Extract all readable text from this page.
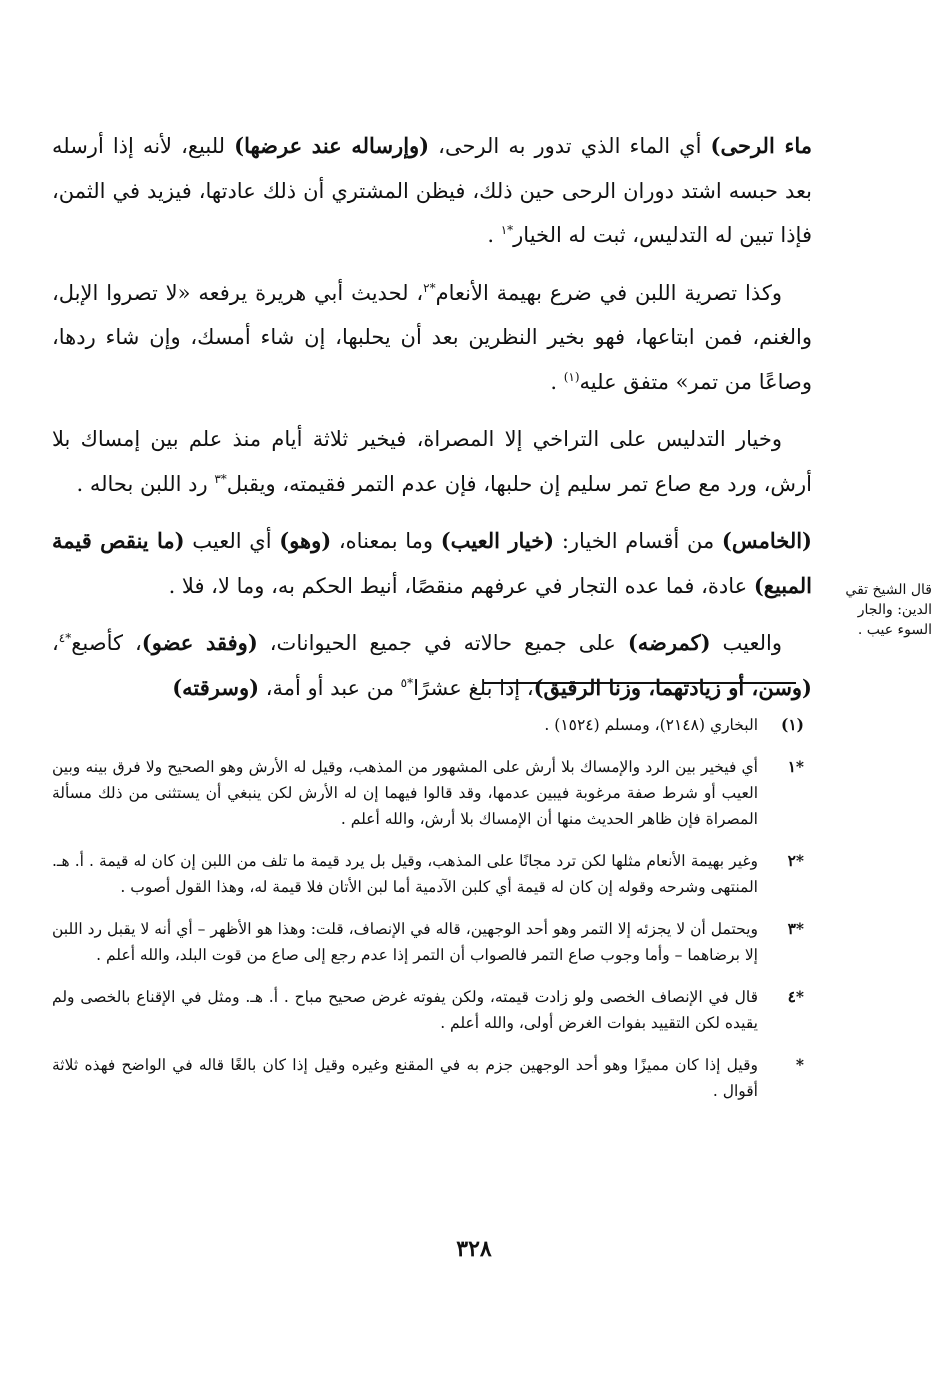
ماء الرحى) أي الماء الذي تدور به الرحى، (وإرساله عند عرضها) للبيع، لأنه إذا أرسله بعد حبسه اشتد دوران الرحى حين ذلك، فيظن المشتري أن ذلك عادتها، فيزيد في الثمن، فإذا تبين له التدليس، ثبت له الخيار$^{*١}$ .

وكذا تصرية اللبن في ضرع بهيمة الأنعام$^{*٢}$، لحديث أبي هريرة يرفعه «لا تصروا الإبل، والغنم، فمن ابتاعها، فهو بخير النظرين بعد أن يحلبها، إن شاء أمسك، وإن شاء ردها، وصاعًا من تمر» متفق عليه$^{(١)}$ .

وخيار التدليس على التراخي إلا المصراة، فيخير ثلاثة أيام منذ علم بين إمساك بلا أرش، ورد مع صاع تمر سليم إن حلبها، فإن عدم التمر فقيمته، ويقبل$^{*٣}$ رد اللبن بحاله .

(الخامس) من أقسام الخيار: (خيار العيب) وما بمعناه، (وهو) أي العيب (ما ينقص قيمة المبيع) عادة، فما عده التجار في عرفهم منقصًا، أنيط الحكم به، وما لا، فلا .

والعيب (كمرضه) على جميع حالاته في جميع الحيوانات، (وفقد عضو)، كأصبع$^{*٤}$، (وسن، أو زيادتهما، وزنا الرقيق)، إذا بلغ عشرًا$^{*٥}$ من عبد أو أمة، (وسرقته)

قال الشيخ تقي الدين: والجار السوء عيب .
(١)
البخاري (٢١٤٨)، ومسلم (١٥٢٤) .
*١
أي فيخير بين الرد والإمساك بلا أرش على المشهور من المذهب، وقيل له الأرش وهو الصحيح ولا فرق بينه وبين العيب أو شرط صفة مرغوبة فيبين عدمها، وقد قالوا فيهما إن له الأرش لكن ينبغي أن يستثنى من ذلك مسألة المصراة فإن ظاهر الحديث منها أن الإمساك بلا أرش، والله أعلم .
*٢
وغير بهيمة الأنعام مثلها لكن ترد مجانًا على المذهب، وقيل بل يرد قيمة ما تلف من اللبن إن كان له قيمة . أ. هـ. المنتهى وشرحه وقوله إن كان له قيمة أي كلبن الآدمية أما لبن الأتان فلا قيمة له، وهذا القول أصوب .
*٣
ويحتمل أن لا يجزئه إلا التمر وهو أحد الوجهين، قاله في الإنصاف، قلت: وهذا هو الأظهر – أي أنه لا يقبل رد اللبن إلا برضاهما – وأما وجوب صاع التمر فالصواب أن التمر إذا عدم رجع إلى صاع من قوت البلد، والله أعلم .
*٤
قال في الإنصاف الخصى ولو زادت قيمته، ولكن يفوته غرض صحيح مباح . أ. هـ. ومثل في الإقناع بالخصى ولم يقيده لكن التقييد بفوات الغرض أولى، والله أعلم .
*
وقيل إذا كان مميزًا وهو أحد الوجهين جزم به في المقنع وغيره وقيل إذا كان بالغًا قاله في الواضح فهذه ثلاثة أقوال .
٣٢٨
